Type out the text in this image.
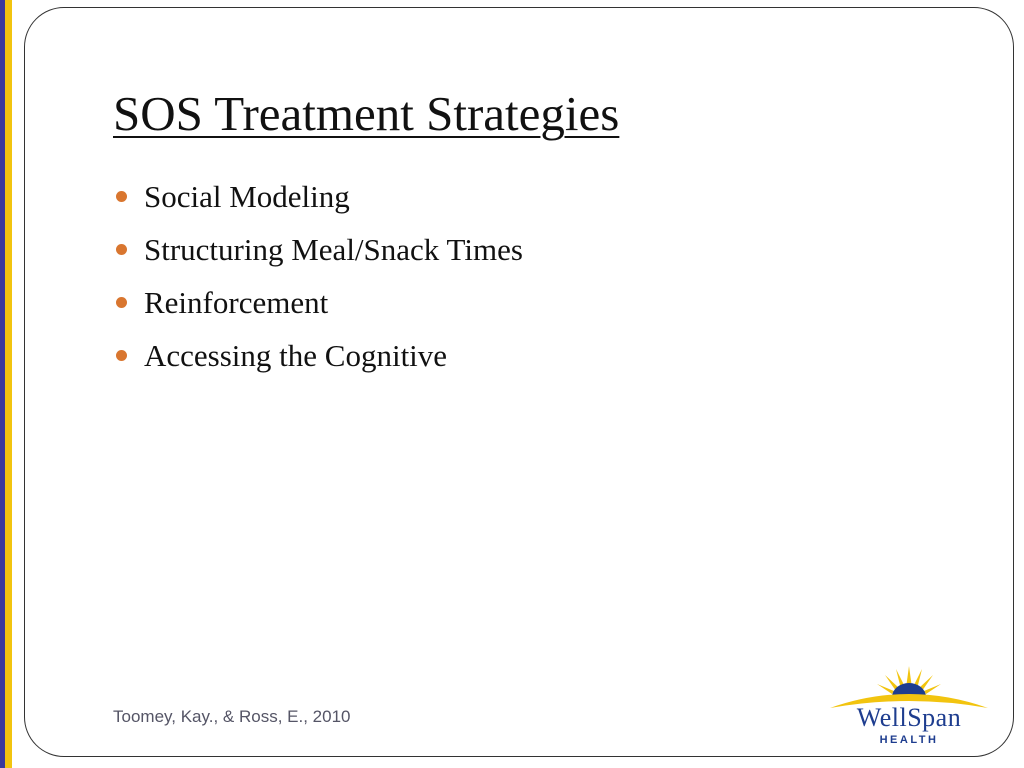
SOS Treatment Strategies
Social Modeling
Structuring Meal/Snack Times
Reinforcement
Accessing the Cognitive
Toomey, Kay., & Ross, E., 2010	WellSpan
HEALTH
